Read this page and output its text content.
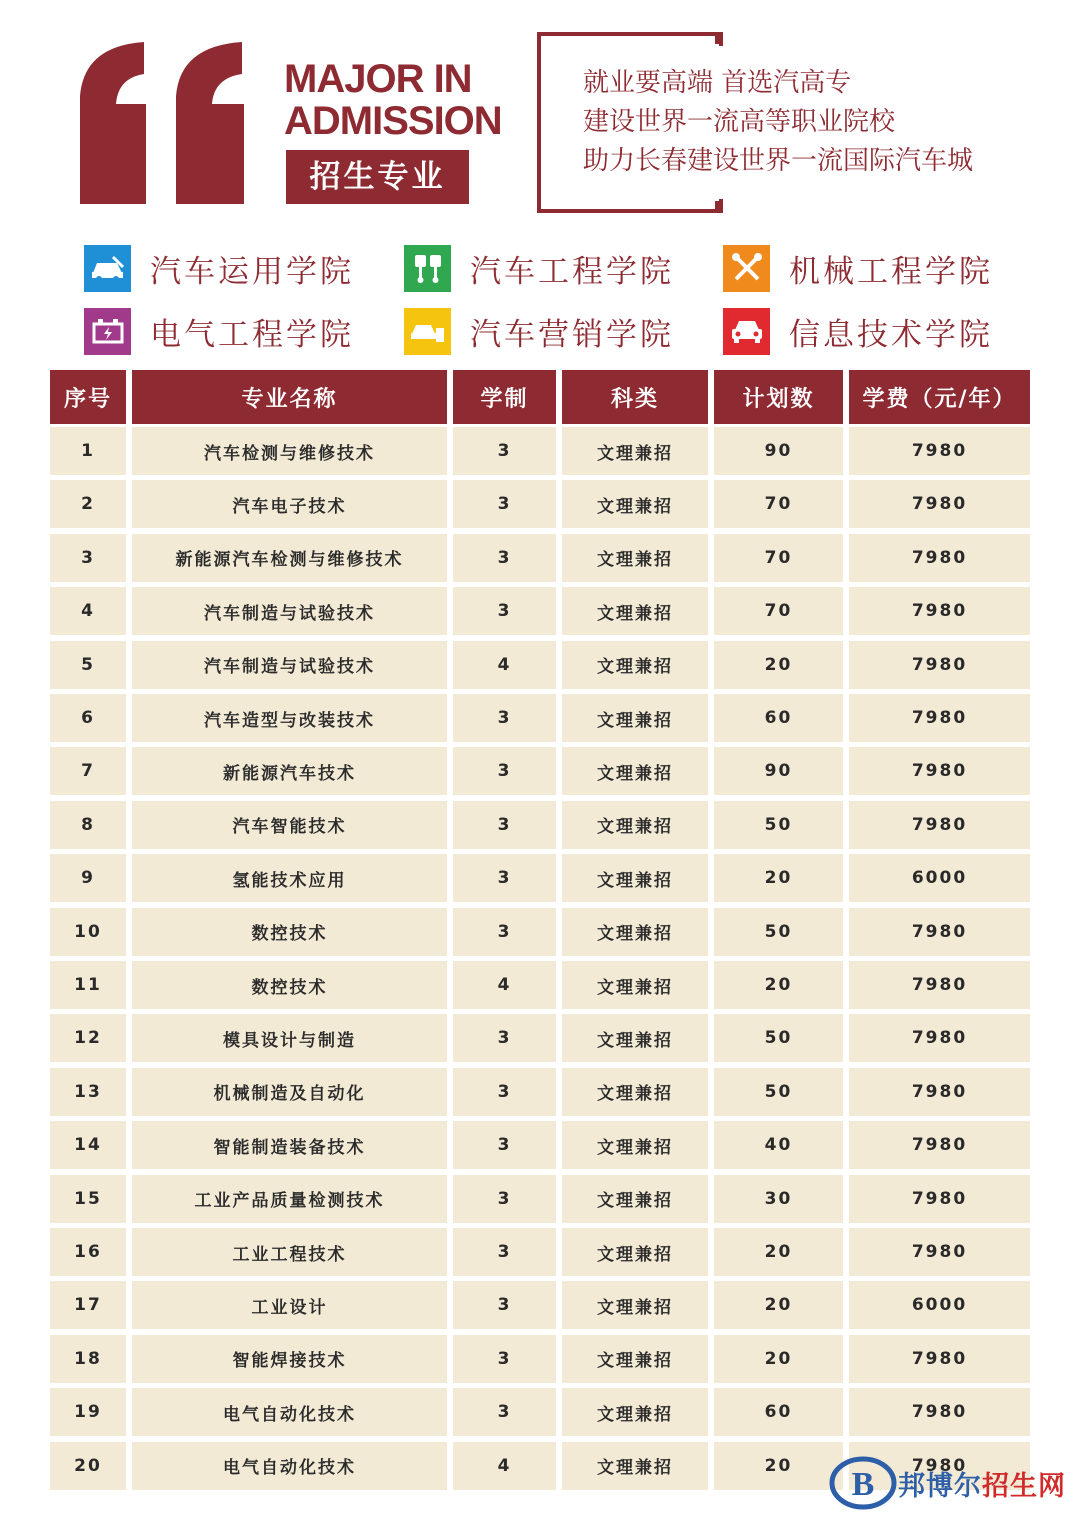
MAJOR IN
ADMISSION
招生专业
就业要高端 首选汽高专
建设世界一流高等职业院校
助力长春建设世界一流国际汽车城
汽车运用学院	汽车工程学院	机械工程学院
电气工程学院	汽车营销学院	信息技术学院
序号	专业名称	学制	科类	计划数	学费（元/年）
1	汽车检测与维修技术	3	文理兼招	90	7980
2	汽车电子技术	3	文理兼招	70	7980
3	新能源汽车检测与维修技术	3	文理兼招	70	7980
4	汽车制造与试验技术	3	文理兼招	70	7980
5	汽车制造与试验技术	4	文理兼招	20	7980
6	汽车造型与改装技术	3	文理兼招	60	7980
7	新能源汽车技术	3	文理兼招	90	7980
8	汽车智能技术	3	文理兼招	50	7980
9	氢能技术应用	3	文理兼招	20	6000
10	数控技术	3	文理兼招	50	7980
11	数控技术	4	文理兼招	20	7980
12	模具设计与制造	3	文理兼招	50	7980
13	机械制造及自动化	3	文理兼招	50	7980
14	智能制造装备技术	3	文理兼招	40	7980
15	工业产品质量检测技术	3	文理兼招	30	7980
16	工业工程技术	3	文理兼招	20	7980
17	工业设计	3	文理兼招	20	6000
18	智能焊接技术	3	文理兼招	20	7980
19	电气自动化技术	3	文理兼招	60	7980
20	电气自动化技术	4	文理兼招	20	7980
B 邦博尔招生网
